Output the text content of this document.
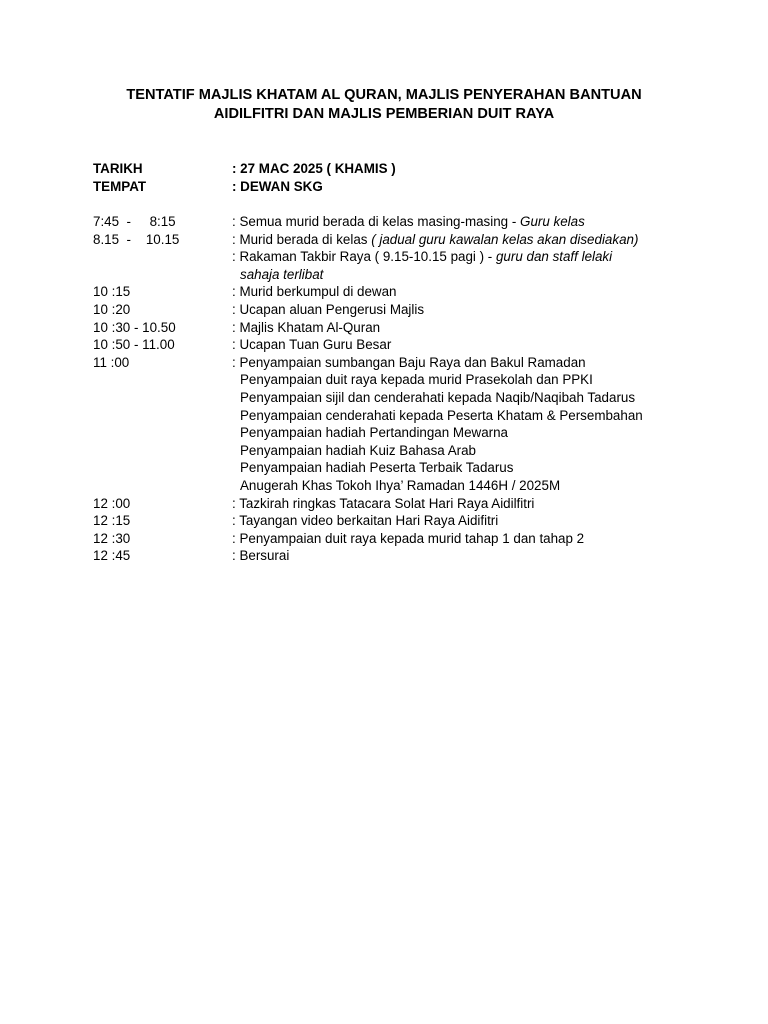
TENTATIF MAJLIS KHATAM AL QURAN, MAJLIS PENYERAHAN BANTUAN
AIDILFITRI DAN MAJLIS PEMBERIAN DUIT RAYA
TARIKH	: 27 MAC 2025 ( KHAMIS )
TEMPAT	: DEWAN SKG
7:45  -     8:15	: Semua murid berada di kelas masing-masing - Guru kelas
8.15  -    10.15	: Murid berada di kelas ( jadual guru kawalan kelas akan disediakan)
: Rakaman Takbir Raya ( 9.15-10.15 pagi ) - guru dan staff lelaki
sahaja terlibat
10 :15	: Murid berkumpul di dewan
10 :20	: Ucapan aluan Pengerusi Majlis
10 :30 - 10.50	: Majlis Khatam Al-Quran
10 :50 - 11.00	: Ucapan Tuan Guru Besar
11 :00	: Penyampaian sumbangan Baju Raya dan Bakul Ramadan
Penyampaian duit raya kepada murid Prasekolah dan PPKI
Penyampaian sijil dan cenderahati kepada Naqib/Naqibah Tadarus
Penyampaian cenderahati kepada Peserta Khatam & Persembahan
Penyampaian hadiah Pertandingan Mewarna
Penyampaian hadiah Kuiz Bahasa Arab
Penyampaian hadiah Peserta Terbaik Tadarus
Anugerah Khas Tokoh Ihya’ Ramadan 1446H / 2025M
12 :00	: Tazkirah ringkas Tatacara Solat Hari Raya Aidilfitri
12 :15	: Tayangan video berkaitan Hari Raya Aidifitri
12 :30	: Penyampaian duit raya kepada murid tahap 1 dan tahap 2
12 :45	: Bersurai
